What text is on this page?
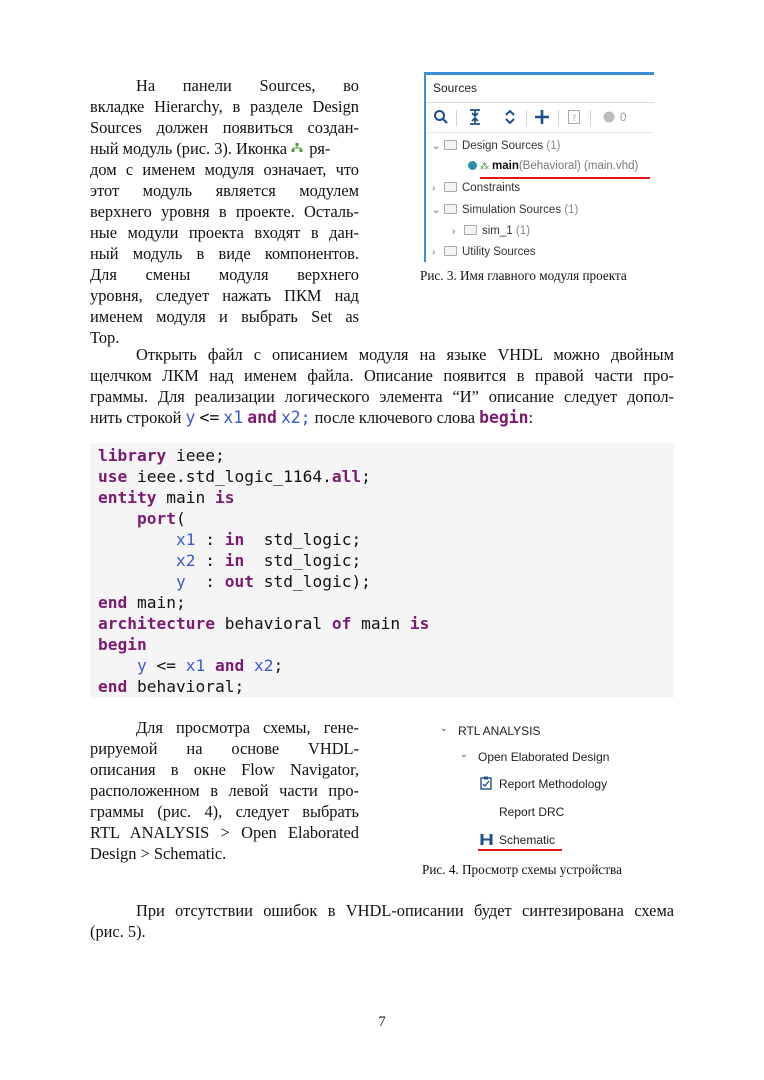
На панели Sources, во
вкладке Hierarchy, в разделе Design
Sources должен появиться создан-
ный модуль (рис. 3). Иконка ря-
дом с именем модуля означает, что
этот модуль является модулем
верхнего уровня в проекте. Осталь-
ные модули проекта входят в дан-
ный модуль в виде компонентов.
Для смены модуля верхнего
уровня, следует нажать ПКМ над
именем модуля и выбрать Set as
Top.
Sources
?	0
⌄ Design Sources (1)
⁂ main(Behavioral) (main.vhd)
› Constraints
⌄ Simulation Sources (1)
› sim_1 (1)
› Utility Sources
Рис. 3. Имя главного модуля проекта
Открыть файл с описанием модуля на языке VHDL можно двойным
щелчком ЛКМ над именем файла. Описание появится в правой части про-
граммы. Для реализации логического элемента “И” описание следует допол-
нить строкой y <= x1 and x2; после ключевого слова begin:
library ieee;
use ieee.std_logic_1164.all;
entity main is
port(
x1 : in  std_logic;
x2 : in  std_logic;
y  : out std_logic);
end main;
architecture behavioral of main is
begin
y <= x1 and x2;
end behavioral;
Для просмотра схемы, гене-
рируемой на основе VHDL-
описания в окне Flow Navigator,
расположенном в левой части про-
граммы (рис. 4), следует выбрать
RTL ANALYSIS > Open Elaborated
Design > Schematic.
⌄ RTL ANALYSIS
⌄ Open Elaborated Design
Report Methodology
Report DRC
Schematic
Рис. 4. Просмотр схемы устройства
При отсутствии ошибок в VHDL-описании будет синтезирована схема
(рис. 5).
7
